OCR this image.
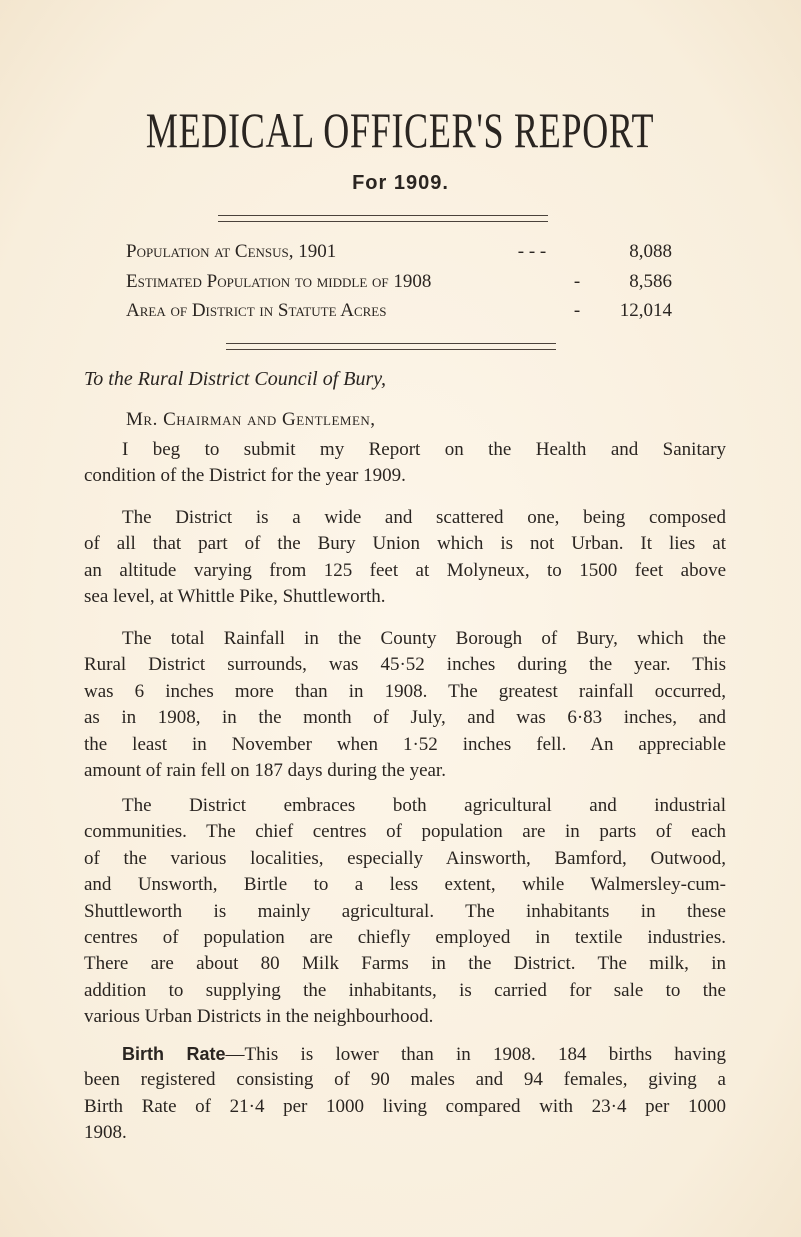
MEDICAL OFFICER'S REPORT
For 1909.
Population at Census, 1901	- - -	8,088
Estimated Population to middle of 1908	-	8,586
Area of District in Statute Acres	-	12,014
To the Rural District Council of Bury,
Mr. Chairman and Gentlemen,
I beg to submit my Report on the Health and Sanitary
condition of the District for the year 1909.
The District is a wide and scattered one, being composed
of all that part of the Bury Union which is not Urban. It lies at
an altitude varying from 125 feet at Molyneux, to 1500 feet above
sea level, at Whittle Pike, Shuttleworth.
The total Rainfall in the County Borough of Bury, which the
Rural District surrounds, was 45·52 inches during the year. This
was 6 inches more than in 1908. The greatest rainfall occurred,
as in 1908, in the month of July, and was 6·83 inches, and
the least in November when 1·52 inches fell. An appreciable
amount of rain fell on 187 days during the year.
The District embraces both agricultural and industrial
communities. The chief centres of population are in parts of each
of the various localities, especially Ainsworth, Bamford, Outwood,
and Unsworth, Birtle to a less extent, while Walmersley-cum-
Shuttleworth is mainly agricultural. The inhabitants in these
centres of population are chiefly employed in textile industries.
There are about 80 Milk Farms in the District. The milk, in
addition to supplying the inhabitants, is carried for sale to the
various Urban Districts in the neighbourhood.
Birth Rate—This is lower than in 1908. 184 births having
been registered consisting of 90 males and 94 females, giving a
Birth Rate of 21·4 per 1000 living compared with 23·4 per 1000
1908.
